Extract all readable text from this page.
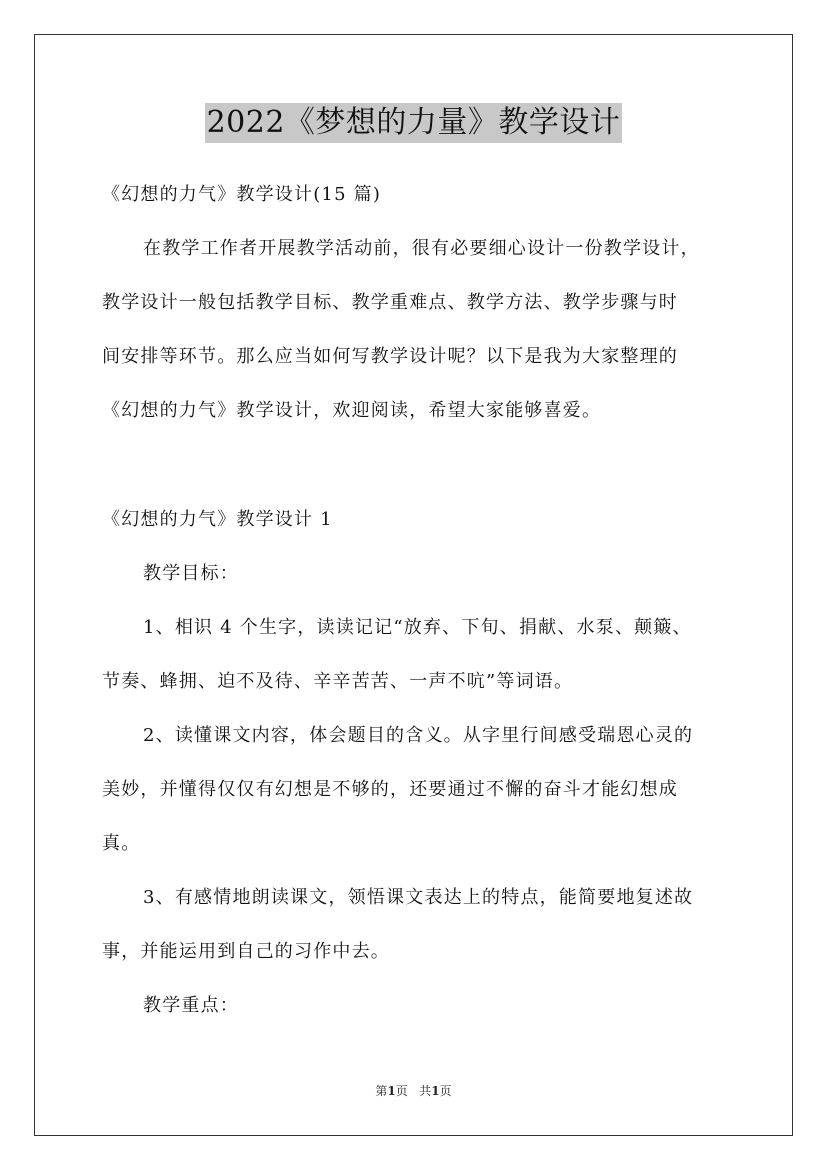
2022《梦想的力量》教学设计

《幻想的力气》教学设计(15 篇)

在教学工作者开展教学活动前，很有必要细心设计一份教学设计，

教学设计一般包括教学目标、教学重难点、教学方法、教学步骤与时

间安排等环节。那么应当如何写教学设计呢？以下是我为大家整理的

《幻想的力气》教学设计，欢迎阅读，希望大家能够喜爱。

《幻想的力气》教学设计 1

教学目标：

1、相识 4 个生字，读读记记“放弃、下旬、捐献、水泵、颠簸、

节奏、蜂拥、迫不及待、辛辛苦苦、一声不吭”等词语。

2、读懂课文内容，体会题目的含义。从字里行间感受瑞恩心灵的

美妙，并懂得仅仅有幻想是不够的，还要通过不懈的奋斗才能幻想成

真。

3、有感情地朗读课文，领悟课文表达上的特点，能简要地复述故

事，并能运用到自己的习作中去。

教学重点：

第1页 共1页
